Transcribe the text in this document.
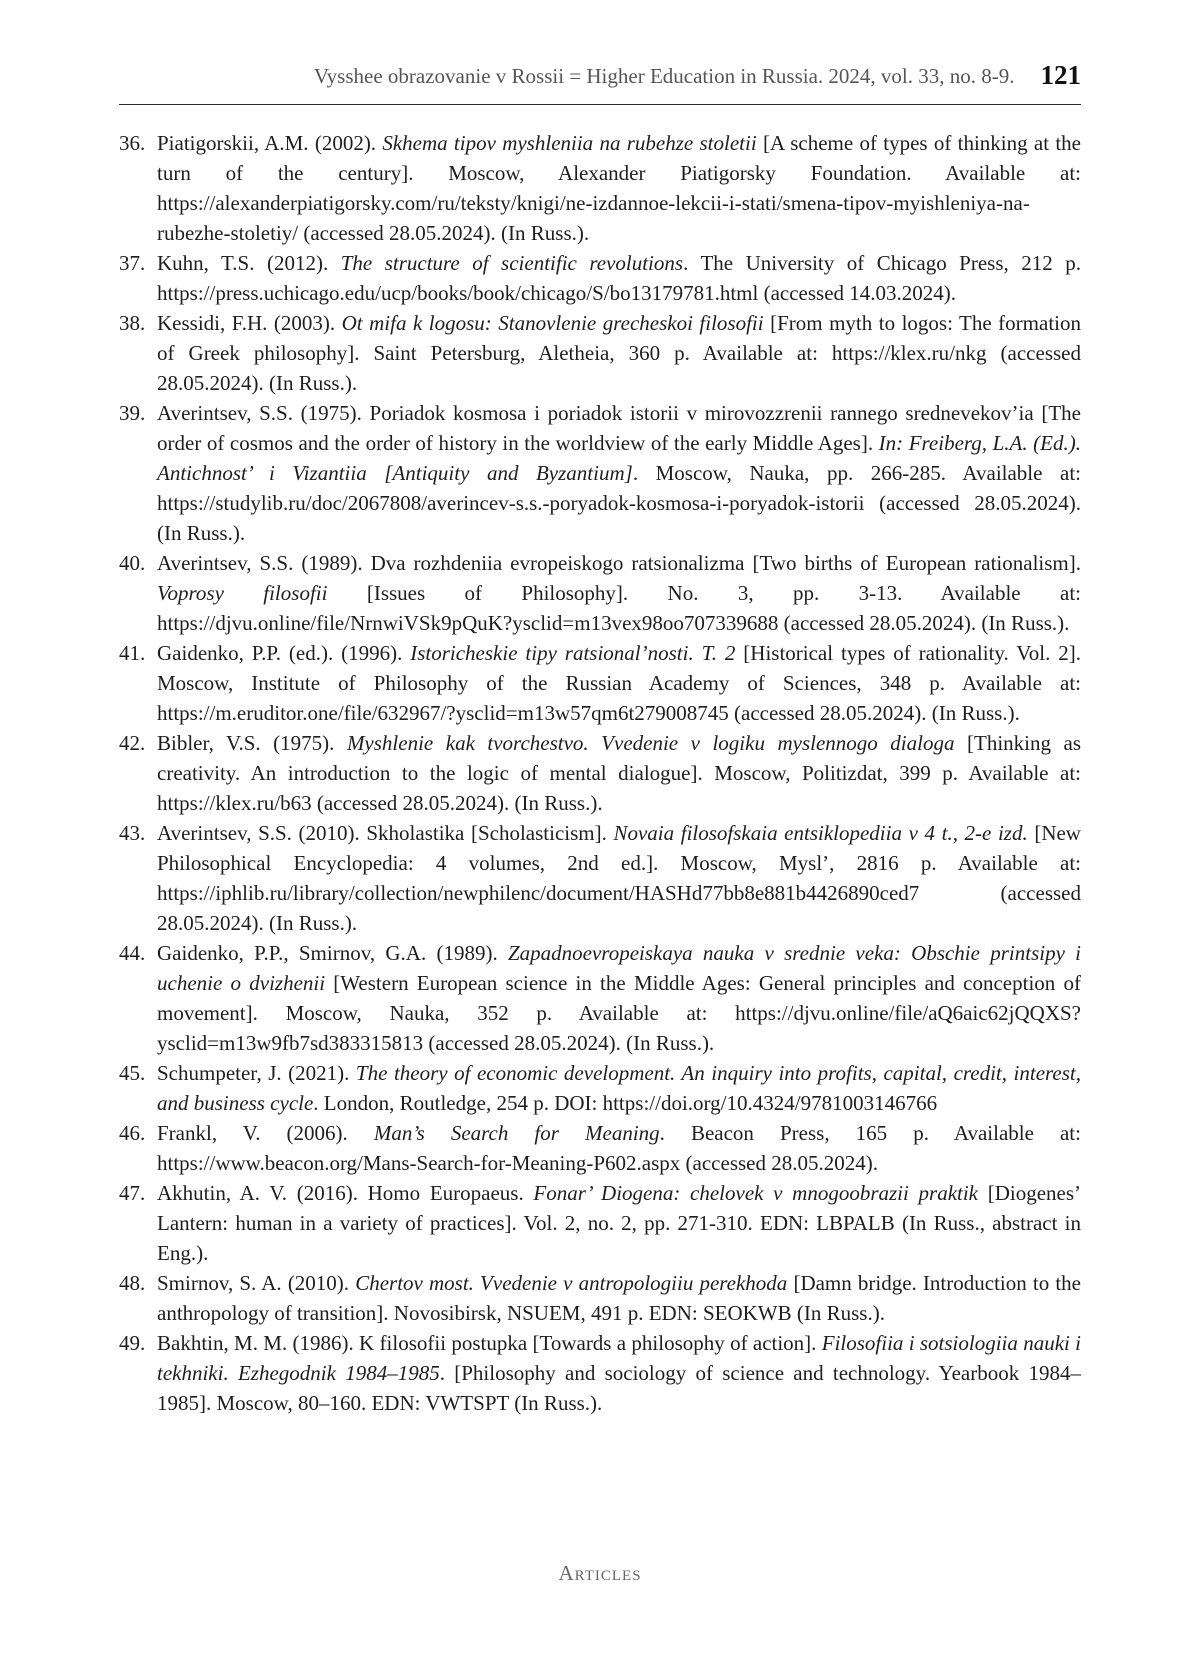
Vysshee obrazovanie v Rossii = Higher Education in Russia. 2024, vol. 33, no. 8-9. 121
36. Piatigorskii, A.M. (2002). Skhema tipov myshleniia na rubehze stoletii [A scheme of types of thinking at the turn of the century]. Moscow, Alexander Piatigorsky Foundation. Available at: https://alexanderpiatigorsky.com/ru/teksty/knigi/ne-izdannoe-lekcii-i-stati/smena-tipov-myishleniya-na-rubezhe-stoletiy/ (accessed 28.05.2024). (In Russ.).
37. Kuhn, T.S. (2012). The structure of scientific revolutions. The University of Chicago Press, 212 p. https://press.uchicago.edu/ucp/books/book/chicago/S/bo13179781.html (accessed 14.03.2024).
38. Kessidi, F.H. (2003). Ot mifa k logosu: Stanovlenie grecheskoi filosofii [From myth to logos: The formation of Greek philosophy]. Saint Petersburg, Aletheia, 360 p. Available at: https://klex.ru/nkg (accessed 28.05.2024). (In Russ.).
39. Averintsev, S.S. (1975). Poriadok kosmosa i poriadok istorii v mirovozzrenii rannego srednevekov’ia [The order of cosmos and the order of history in the worldview of the early Middle Ages]. In: Freiberg, L.A. (Ed.). Antichnost’ i Vizantiia [Antiquity and Byzantium]. Moscow, Nauka, pp. 266-285. Available at: https://studylib.ru/doc/2067808/averincev-s.s.-poryadok-kosmosa-i-poryadok-istorii (accessed 28.05.2024). (In Russ.).
40. Averintsev, S.S. (1989). Dva rozhdeniia evropeiskogo ratsionalizma [Two births of European rationalism]. Voprosy filosofii [Issues of Philosophy]. No. 3, pp. 3-13. Available at: https://djvu.online/file/NrnwiVSk9pQuK?ysclid=m13vex98oo707339688 (accessed 28.05.2024). (In Russ.).
41. Gaidenko, P.P. (ed.). (1996). Istoricheskie tipy ratsional’nosti. T. 2 [Historical types of rationality. Vol. 2]. Moscow, Institute of Philosophy of the Russian Academy of Sciences, 348 p. Available at: https://m.eruditor.one/file/632967/?ysclid=m13w57qm6t279008745 (accessed 28.05.2024). (In Russ.).
42. Bibler, V.S. (1975). Myshlenie kak tvorchestvo. Vvedenie v logiku myslennogo dialoga [Thinking as creativity. An introduction to the logic of mental dialogue]. Moscow, Politizdat, 399 p. Available at: https://klex.ru/b63 (accessed 28.05.2024). (In Russ.).
43. Averintsev, S.S. (2010). Skholastika [Scholasticism]. Novaia filosofskaia entsiklopediia v 4 t., 2-e izd. [New Philosophical Encyclopedia: 4 volumes, 2nd ed.]. Moscow, Mysl’, 2816 p. Available at: https://iphlib.ru/library/collection/newphilenc/document/HASHd77bb8e881b4426890ced7 (accessed 28.05.2024). (In Russ.).
44. Gaidenko, P.P., Smirnov, G.A. (1989). Zapadnoevropeiskaya nauka v srednie veka: Obschie printsipy i uchenie o dvizhenii [Western European science in the Middle Ages: General principles and conception of movement]. Moscow, Nauka, 352 p. Available at: https://djvu.online/file/aQ6aic62jQQXS?ysclid=m13w9fb7sd383315813 (accessed 28.05.2024). (In Russ.).
45. Schumpeter, J. (2021). The theory of economic development. An inquiry into profits, capital, credit, interest, and business cycle. London, Routledge, 254 p. DOI: https://doi.org/10.4324/9781003146766
46. Frankl, V. (2006). Man’s Search for Meaning. Beacon Press, 165 p. Available at: https://www.beacon.org/Mans-Search-for-Meaning-P602.aspx (accessed 28.05.2024).
47. Akhutin, A. V. (2016). Homo Europaeus. Fonar’ Diogena: chelovek v mnogoobrazii praktik [Diogenes’ Lantern: human in a variety of practices]. Vol. 2, no. 2, pp. 271-310. EDN: LBPALB (In Russ., abstract in Eng.).
48. Smirnov, S. A. (2010). Chertov most. Vvedenie v antropologiiu perekhoda [Damn bridge. Introduction to the anthropology of transition]. Novosibirsk, NSUEM, 491 p. EDN: SEOKWB (In Russ.).
49. Bakhtin, M. M. (1986). K filosofii postupka [Towards a philosophy of action]. Filosofiia i sotsiologiia nauki i tekhniki. Ezhegodnik 1984–1985. [Philosophy and sociology of science and technology. Yearbook 1984–1985]. Moscow, 80–160. EDN: VWTSPT (In Russ.).
Articles
